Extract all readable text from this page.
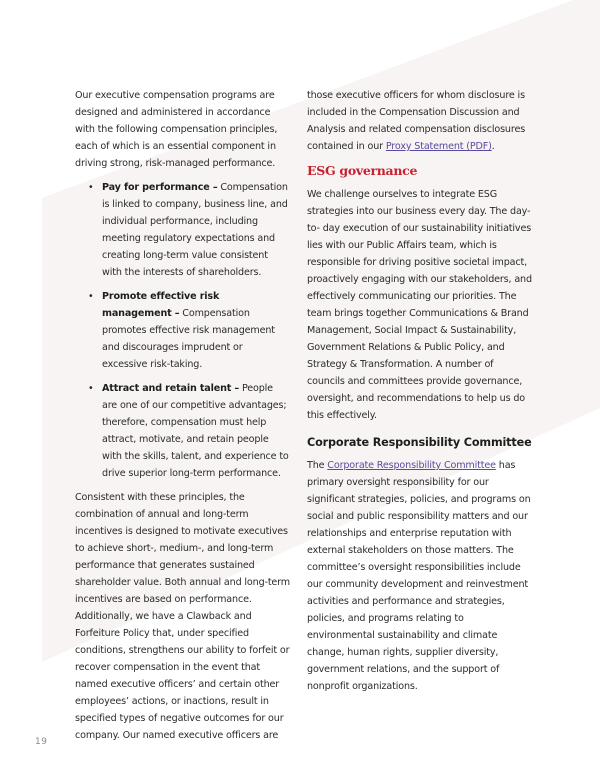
Our executive compensation programs are designed and administered in accordance with the following compensation principles, each of which is an essential component in driving strong, risk-managed performance.

• Pay for performance – Compensation is linked to company, business line, and individual performance, including meeting regulatory expectations and creating long-term value consistent with the interests of shareholders.
• Promote effective risk management – Compensation promotes effective risk management and discourages imprudent or excessive risk-taking.
• Attract and retain talent – People are one of our competitive advantages; therefore, compensation must help attract, motivate, and retain people with the skills, talent, and experience to drive superior long-term performance.

Consistent with these principles, the combination of annual and long-term incentives is designed to motivate executives to achieve short-, medium-, and long-term performance that generates sustained shareholder value. Both annual and long-term incentives are based on performance. Additionally, we have a Clawback and Forfeiture Policy that, under specified conditions, strengthens our ability to forfeit or recover compensation in the event that named executive officers’ and certain other employees’ actions, or inactions, result in specified types of negative outcomes for our company. Our named executive officers are

those executive officers for whom disclosure is included in the Compensation Discussion and Analysis and related compensation disclosures contained in our Proxy Statement (PDF).

ESG governance

We challenge ourselves to integrate ESG strategies into our business every day. The day-to- day execution of our sustainability initiatives lies with our Public Affairs team, which is responsible for driving positive societal impact, proactively engaging with our stakeholders, and effectively communicating our priorities. The team brings together Communications & Brand Management, Social Impact & Sustainability, Government Relations & Public Policy, and Strategy & Transformation. A number of councils and committees provide governance, oversight, and recommendations to help us do this effectively.

Corporate Responsibility Committee

The Corporate Responsibility Committee has primary oversight responsibility for our significant strategies, policies, and programs on social and public responsibility matters and our relationships and enterprise reputation with external stakeholders on those matters. The committee’s oversight responsibilities include our community development and reinvestment activities and performance and strategies, policies, and programs relating to environmental sustainability and climate change, human rights, supplier diversity, government relations, and the support of nonprofit organizations.

19
